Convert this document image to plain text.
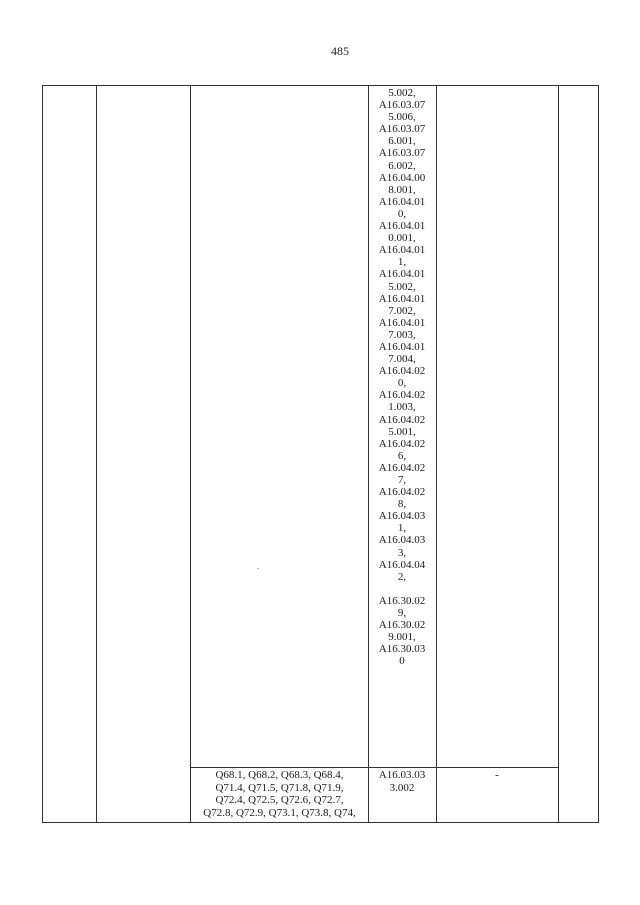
485
5.002,
A16.03.07
5.006,
A16.03.07
6.001,
A16.03.07
6.002,
A16.04.00
8.001,
A16.04.01
0,
A16.04.01
0.001,
A16.04.01
1,
A16.04.01
5.002,
A16.04.01
7.002,
A16.04.01
7.003,
A16.04.01
7.004,
A16.04.02
0,
A16.04.02
1.003,
A16.04.02
5.001,
A16.04.02
6,
A16.04.02
7,
A16.04.02
8,
A16.04.03
1,
A16.04.03
3,
A16.04.04
2,
A16.30.02
9,
A16.30.02
9.001,
A16.30.03
0
Q68.1, Q68.2, Q68.3, Q68.4,
Q71.4, Q71.5, Q71.8, Q71.9,
Q72.4, Q72.5, Q72.6, Q72.7,
Q72.8, Q72.9, Q73.1, Q73.8, Q74,
A16.03.03
3.002
-
